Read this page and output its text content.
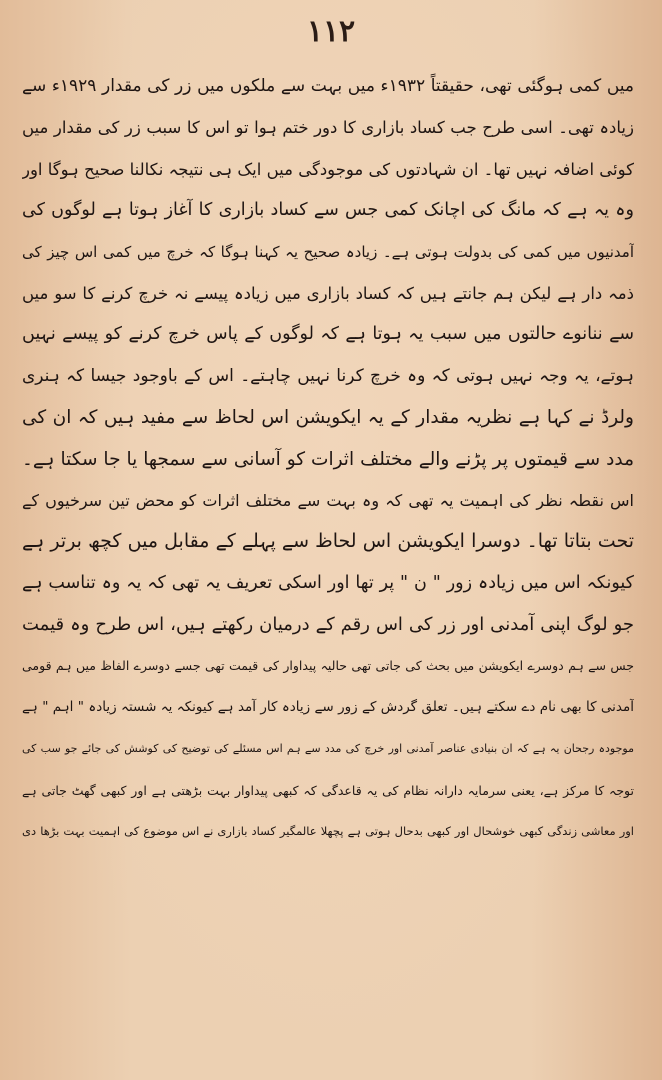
۱۱۲
میں کمی ہوگئی تھی، حقیقتاً ۱۹۳۲ء میں بہت سے ملکوں میں زر کی مقدار ۱۹۲۹ء سے
زیادہ تھی۔ اسی طرح جب کساد بازاری کا دور ختم ہوا تو اس کا سبب زر کی مقدار میں
کوئی اضافہ نہیں تھا۔ ان شہادتوں کی موجودگی میں ایک ہی نتیجہ نکالنا صحیح ہوگا اور
وہ یہ ہے کہ مانگ کی اچانک کمی جس سے کساد بازاری کا آغاز ہوتا ہے لوگوں کی
آمدنیوں میں کمی کی بدولت ہوتی ہے۔ زیادہ صحیح یہ کہنا ہوگا کہ خرچ میں کمی اس چیز کی
ذمہ دار ہے لیکن ہم جانتے ہیں کہ کساد بازاری میں زیادہ پیسے نہ خرچ کرنے کا سو میں
سے ننانوے حالتوں میں سبب یہ ہوتا ہے کہ لوگوں کے پاس خرچ کرنے کو پیسے نہیں
ہوتے، یہ وجہ نہیں ہوتی کہ وہ خرچ کرنا نہیں چاہتے۔ اس کے باوجود جیسا کہ ہنری
ولرڈ نے کہا ہے نظریہ مقدار کے یہ ایکویشن اس لحاظ سے مفید ہیں کہ ان کی
مدد سے قیمتوں پر پڑنے والے مختلف اثرات کو آسانی سے سمجھا یا جا سکتا ہے۔
اس نقطہ نظر کی اہمیت یہ تھی کہ وہ بہت سے مختلف اثرات کو محض تین سرخیوں کے
تحت بتاتا تھا۔ دوسرا ایکویشن اس لحاظ سے پہلے کے مقابل میں کچھ برتر ہے
کیونکہ اس میں زیادہ زور " ن " پر تھا اور اسکی تعریف یہ تھی کہ یہ وہ تناسب ہے
جو لوگ اپنی آمدنی اور زر کی اس رقم کے درمیان رکھتے ہیں، اس طرح وہ قیمت
جس سے ہم دوسرے ایکویشن میں بحث کی جاتی تھی حالیہ پیداوار کی قیمت تھی جسے دوسرے الفاظ میں ہم قومی
آمدنی کا بھی نام دے سکتے ہیں۔ تعلق گردش کے زور سے زیادہ کار آمد ہے کیونکہ یہ شستہ زیادہ " اہم " ہے
موجودہ رجحان یہ ہے کہ ان بنیادی عناصر آمدنی اور خرچ کی مدد سے ہم اس مسئلے کی توضیح کی کوشش کی جائے جو سب کی
توجہ کا مرکز ہے، یعنی سرمایہ دارانہ نظام کی یہ قاعدگی کہ کبھی پیداوار بہت بڑھتی ہے اور کبھی گھٹ جاتی ہے
اور معاشی زندگی کبھی خوشحال اور کبھی بدحال ہوتی ہے پچھلا عالمگیر کساد بازاری نے اس موضوع کی اہمیت بہت بڑھا دی
